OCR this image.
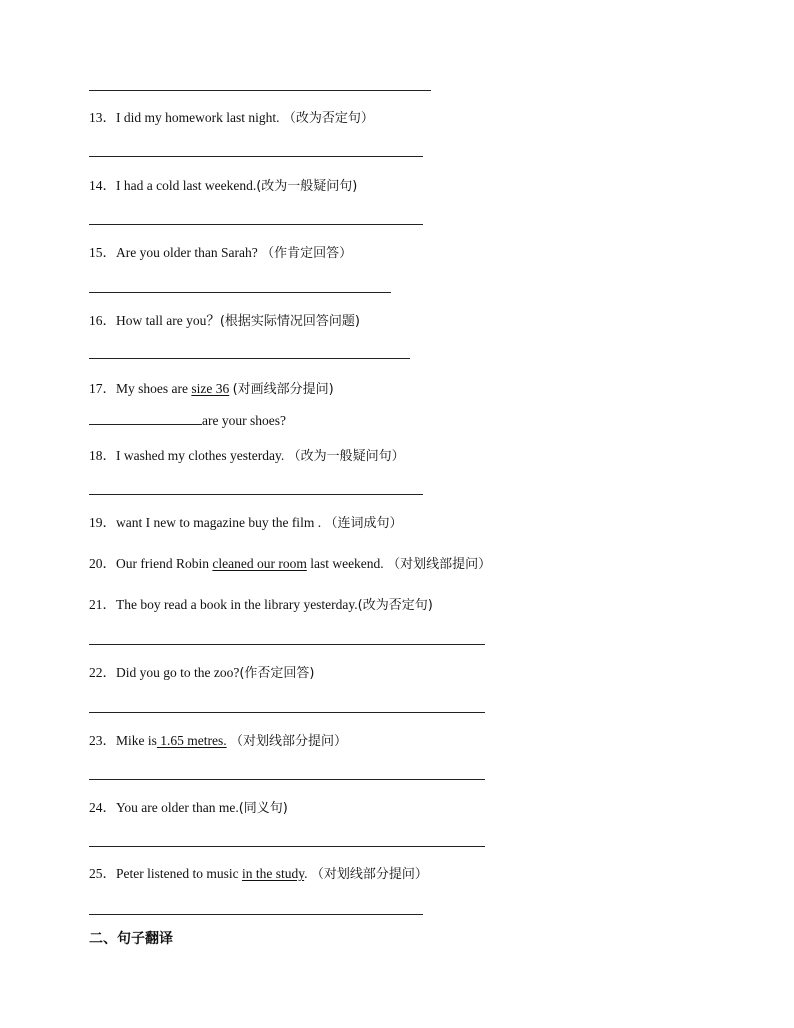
13．I did my homework last night. （改为否定句）
14．I had a cold last weekend.(改为一般疑问句)
15．Are you older than Sarah? （作肯定回答）
16．How tall are you？(根据实际情况回答问题)
17．My shoes are size 36 (对画线部分提问)
are your shoes?
18．I washed my clothes yesterday. （改为一般疑问句）
19．want I new to magazine buy the film . （连词成句）
20．Our friend Robin cleaned our room last weekend. （对划线部提问）
21．The boy read a book in the library yesterday.(改为否定句)
22．Did you go to the zoo?(作否定回答)
23．Mike is 1.65 metres. （对划线部分提问）
24．You are older than me.(同义句)
25．Peter listened to music in the study. （对划线部分提问）
二、句子翻译
